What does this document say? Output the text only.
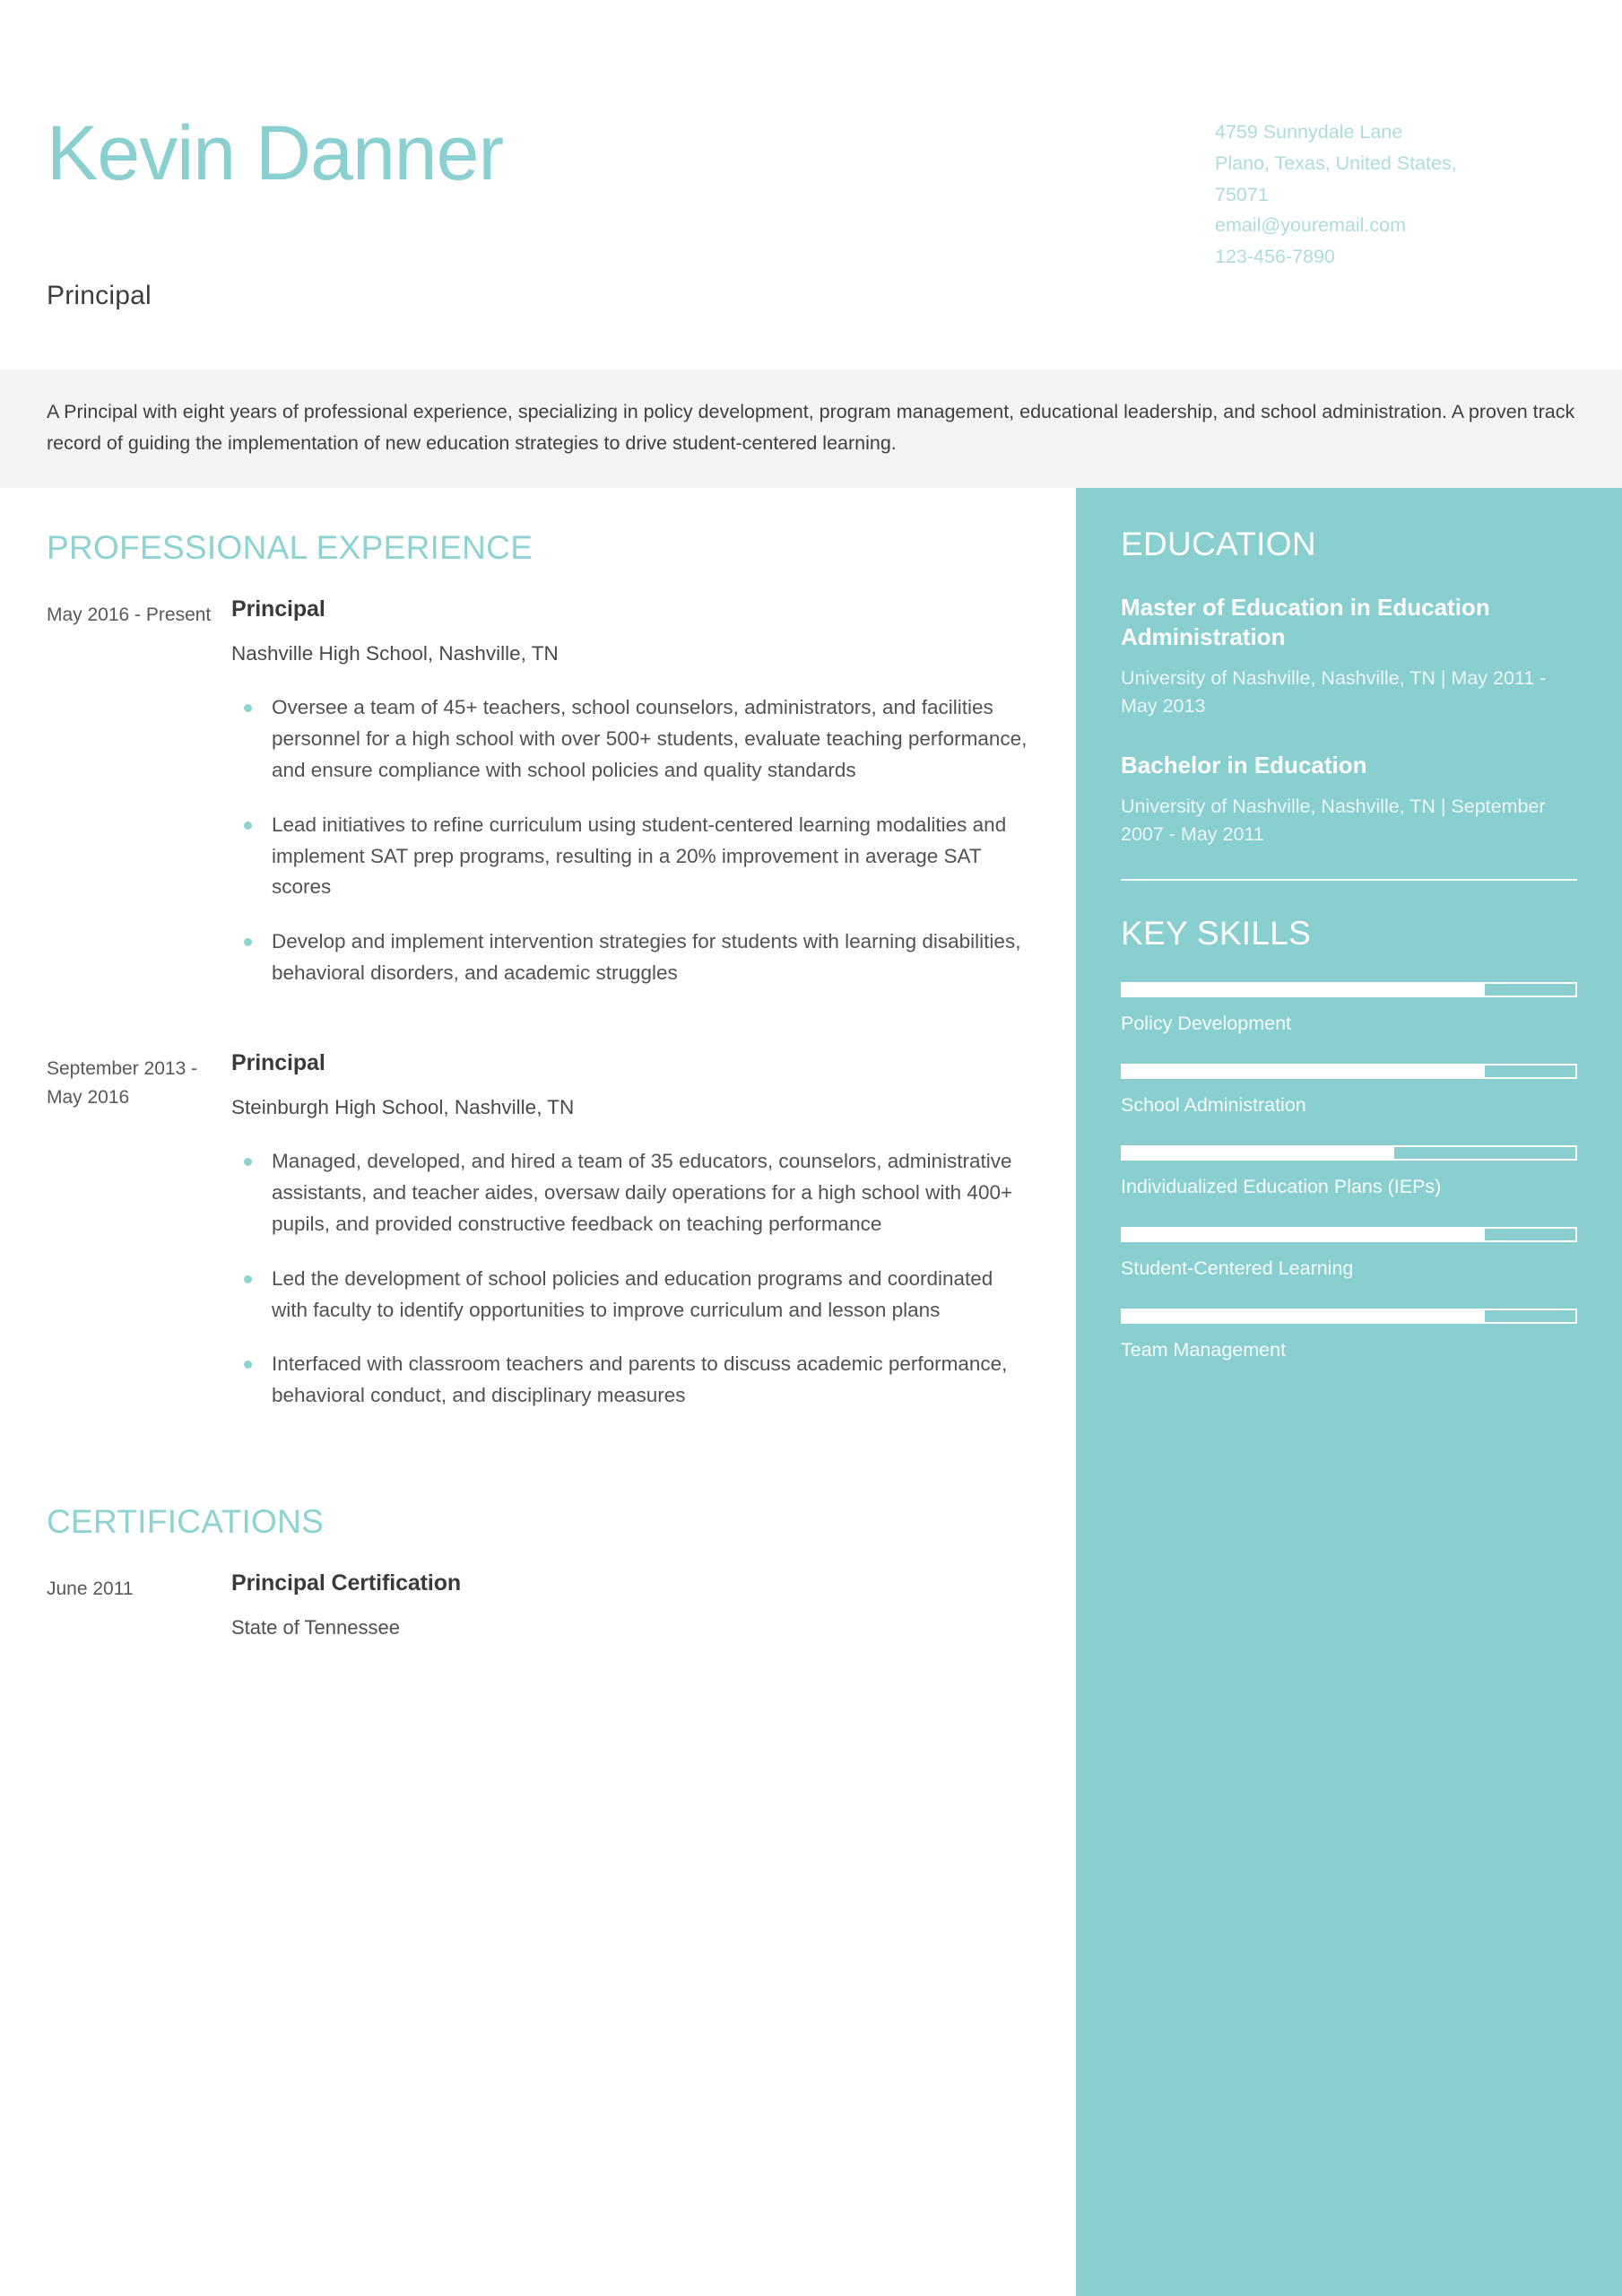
Kevin Danner
Principal
4759 Sunnydale Lane
Plano, Texas, United States,
75071
email@youremail.com
123-456-7890

A Principal with eight years of professional experience, specializing in policy development, program management, educational leadership, and school administration. A proven track record of guiding the implementation of new education strategies to drive student-centered learning.

PROFESSIONAL EXPERIENCE
May 2016 - Present Principal
Nashville High School, Nashville, TN
Oversee a team of 45+ teachers, school counselors, administrators, and facilities personnel for a high school with over 500+ students, evaluate teaching performance, and ensure compliance with school policies and quality standards
Lead initiatives to refine curriculum using student-centered learning modalities and implement SAT prep programs, resulting in a 20% improvement in average SAT scores
Develop and implement intervention strategies for students with learning disabilities, behavioral disorders, and academic struggles
September 2013 - May 2016
Principal
Steinburgh High School, Nashville, TN
Managed, developed, and hired a team of 35 educators, counselors, administrative assistants, and teacher aides, oversaw daily operations for a high school with 400+ pupils, and provided constructive feedback on teaching performance
Led the development of school policies and education programs and coordinated with faculty to identify opportunities to improve curriculum and lesson plans
Interfaced with classroom teachers and parents to discuss academic performance, behavioral conduct, and disciplinary measures
CERTIFICATIONS
June 2011	Principal Certification
State of Tennessee
EDUCATION
Master of Education in Education Administration
University of Nashville, Nashville, TN | May 2011 - May 2013
Bachelor in Education
University of Nashville, Nashville, TN | September 2007 - May 2011
KEY SKILLS
Policy Development
School Administration
Individualized Education Plans (IEPs)
Student-Centered Learning
Team Management
